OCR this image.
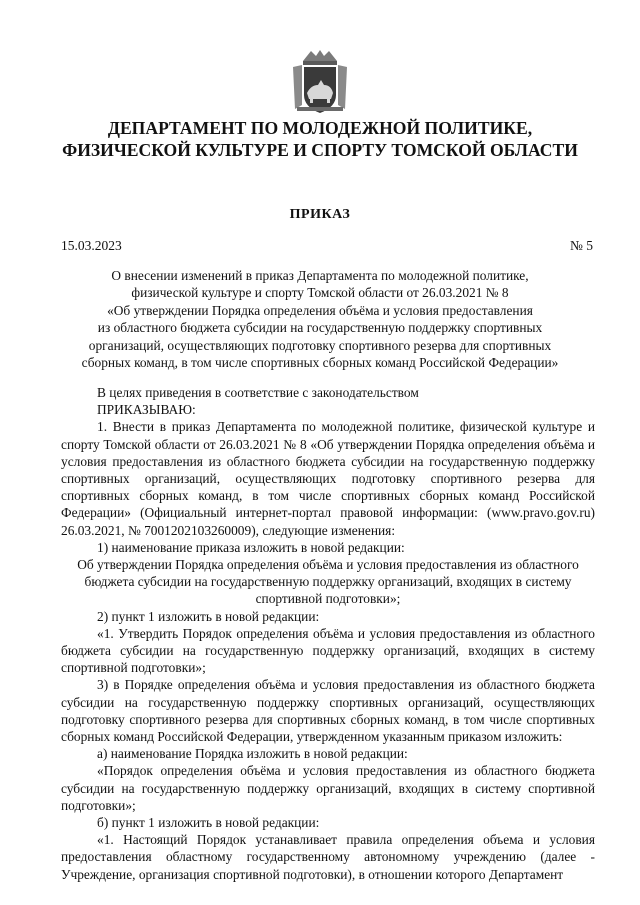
ДЕПАРТАМЕНТ ПО МОЛОДЕЖНОЙ ПОЛИТИКЕ,
ФИЗИЧЕСКОЙ КУЛЬТУРЕ И СПОРТУ ТОМСКОЙ ОБЛАСТИ
ПРИКАЗ
15.03.2023	№ 5
О внесении изменений в приказ Департамента по молодежной политике,
физической культуре и спорту Томской области от 26.03.2021 № 8
«Об утверждении Порядка определения объёма и условия предоставления
из областного бюджета субсидии на государственную поддержку спортивных
организаций, осуществляющих подготовку спортивного резерва для спортивных
сборных команд, в том числе спортивных сборных команд Российской Федерации»

В целях приведения в соответствие с законодательством

ПРИКАЗЫВАЮ:

1. Внести в приказ Департамента по молодежной политике, физической культуре и спорту Томской области от 26.03.2021 № 8 «Об утверждении Порядка определения объёма и условия предоставления из областного бюджета субсидии на государственную поддержку спортивных организаций, осуществляющих подготовку спортивного резерва для спортивных сборных команд, в том числе спортивных сборных команд Российской Федерации» (Официальный интернет-портал правовой информации: (www.pravo.gov.ru) 26.03.2021, № 7001202103260009), следующие изменения:

1) наименование приказа изложить в новой редакции:

Об утверждении Порядка определения объёма и условия предоставления из областного бюджета субсидии на государственную поддержку организаций, входящих в систему спортивной подготовки»;

2) пункт 1 изложить в новой редакции:

«1. Утвердить Порядок определения объёма и условия предоставления из областного бюджета субсидии на государственную поддержку организаций, входящих в систему спортивной подготовки»;

3) в Порядке определения объёма и условия предоставления из областного бюджета субсидии на государственную поддержку спортивных организаций, осуществляющих подготовку спортивного резерва для спортивных сборных команд, в том числе спортивных сборных команд Российской Федерации, утвержденном указанным приказом изложить:

а) наименование Порядка изложить в новой редакции:

«Порядок определения объёма и условия предоставления из областного бюджета субсидии на государственную поддержку организаций, входящих в систему спортивной подготовки»;

б) пункт 1 изложить в новой редакции:

«1. Настоящий Порядок устанавливает правила определения объема и условия предоставления областному государственному автономному учреждению (далее - Учреждение, организация спортивной подготовки), в отношении которого Департамент
